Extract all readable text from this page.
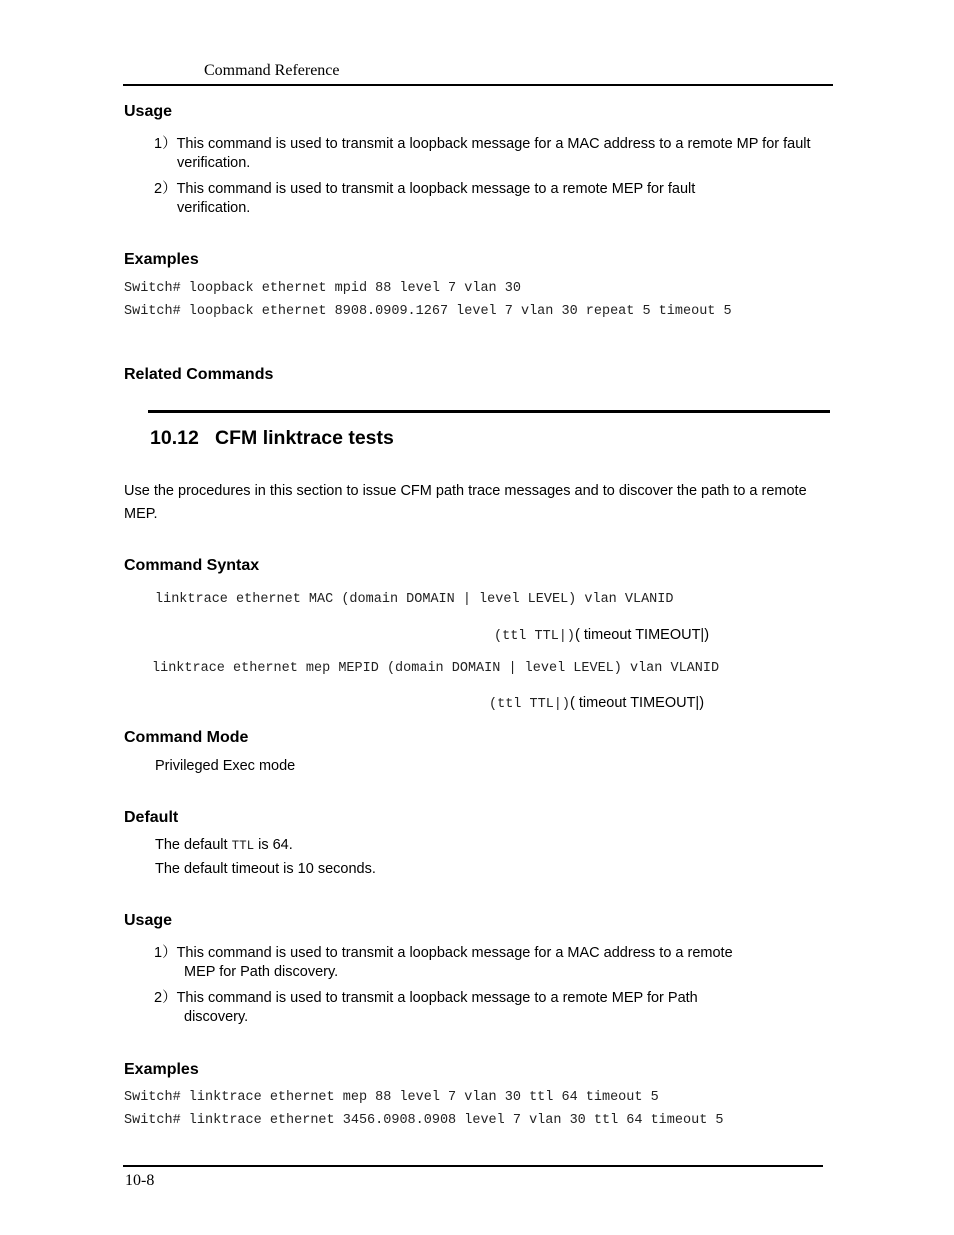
Command Reference
Usage
1）This command is used to transmit a loopback message for a MAC address to a remote MP for fault
verification.
2）This command is used to transmit a loopback message to a remote MEP for fault
verification.
Examples
Switch# loopback ethernet mpid 88 level 7 vlan 30
Switch# loopback ethernet 8908.0909.1267 level 7 vlan 30 repeat 5 timeout 5
Related Commands
10.12   CFM linktrace tests
Use the procedures in this section to issue CFM path trace messages and to discover the path to a remote
MEP.
Command Syntax
linktrace ethernet MAC (domain DOMAIN | level LEVEL) vlan VLANID
(ttl TTL|)( timeout TIMEOUT|)
linktrace ethernet mep MEPID (domain DOMAIN | level LEVEL) vlan VLANID
(ttl TTL|)( timeout TIMEOUT|)
Command Mode
Privileged Exec mode
Default
The default TTL is 64.
The default timeout is 10 seconds.
Usage
1）This command is used to transmit a loopback message for a MAC address to a remote
MEP for Path discovery.
2）This command is used to transmit a loopback message to a remote MEP for Path
discovery.
Examples
Switch# linktrace ethernet mep 88 level 7 vlan 30 ttl 64 timeout 5
Switch# linktrace ethernet 3456.0908.0908 level 7 vlan 30 ttl 64 timeout 5
10-8
